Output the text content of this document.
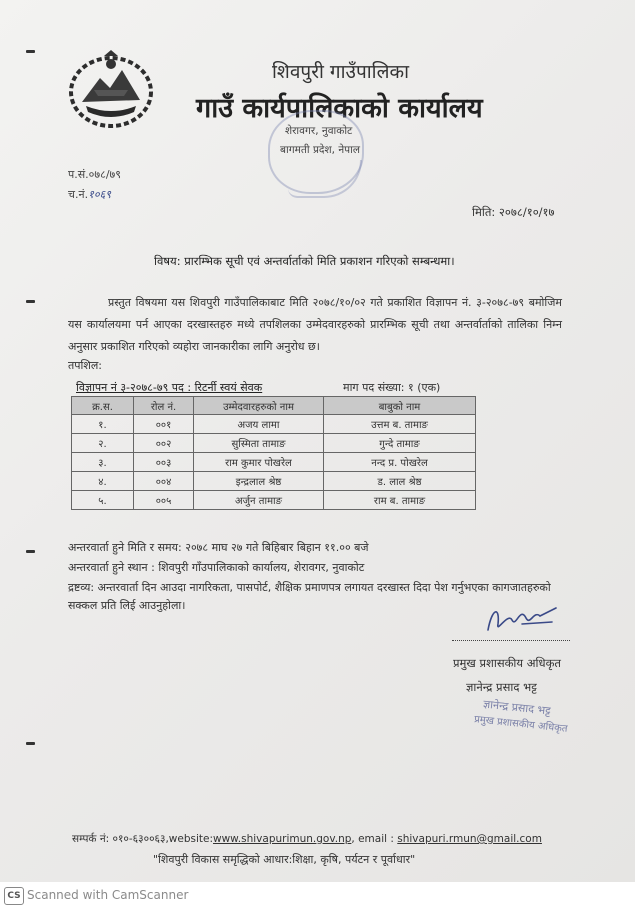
शिवपुरी गाउँपालिका
गाउँ कार्यपालिकाको कार्यालय
शेरावगर, नुवाकोट
बागमती प्रदेश, नेपाल
प.सं.०७८/७९
च.नं.१०६९
मिति: २०७८/१०/१७
विषय: प्रारम्भिक सूची एवं अन्तर्वार्ताको मिति प्रकाशन गरिएको सम्बन्धमा।
प्रस्तुत विषयमा यस शिवपुरी गाउँपालिकाबाट मिति २०७८/१०/०२ गते प्रकाशित विज्ञापन नं. ३-२०७८-७९ बमोजिम यस कार्यालयमा पर्न आएका दरखास्तहरु मध्ये तपशिलका उम्मेदवारहरुको प्रारम्भिक सूची तथा अन्तर्वार्ताको तालिका निम्न अनुसार प्रकाशित गरिएको व्यहोरा जानकारीका लागि अनुरोध छ।
तपशिल:
विज्ञापन नं ३-२०७८-७९ पद : रिटर्नी स्वयं सेवक	माग पद संख्या: १ (एक)
क्र.स.	रोल नं.	उम्मेदवारहरुको नाम	बाबुको नाम
१.	००१	अजय लामा	उत्तम ब. तामाङ
२.	००२	सुस्मिता तामाङ	गुन्दे तामाङ
३.	००३	राम कुमार पोखरेल	नन्द प्र. पोखरेल
४.	००४	इन्द्रलाल श्रेष्ठ	ड. लाल श्रेष्ठ
५.	००५	अर्जुन तामाङ	राम ब. तामाङ
अन्तरवार्ता हुने मिति र समय: २०७८ माघ २७ गते बिहिबार बिहान ११.०० बजे
अन्तरवार्ता हुने स्थान : शिवपुरी गाँउपालिकाको कार्यालय, शेरावगर, नुवाकोट
द्रष्टव्य: अन्तरवार्ता दिन आउदा नागरिकता, पासपोर्ट, शैक्षिक प्रमाणपत्र लगायत दरखास्त दिदा पेश गर्नुभएका कागजातहरुको सक्कल प्रति लिई आउनुहोला।
प्रमुख प्रशासकीय अधिकृत
ज्ञानेन्द्र प्रसाद भट्ट
ज्ञानेन्द्र प्रसाद भट्ट
प्रमुख प्रशासकीय अधिकृत
सम्पर्क नं: ०१०-६३००६३,website:www.shivapurimun.gov.np, email : shivapuri.rmun@gmail.com
"शिवपुरी विकास समृद्धिको आधार:शिक्षा, कृषि, पर्यटन र पूर्वाधार"
CS Scanned with CamScanner
